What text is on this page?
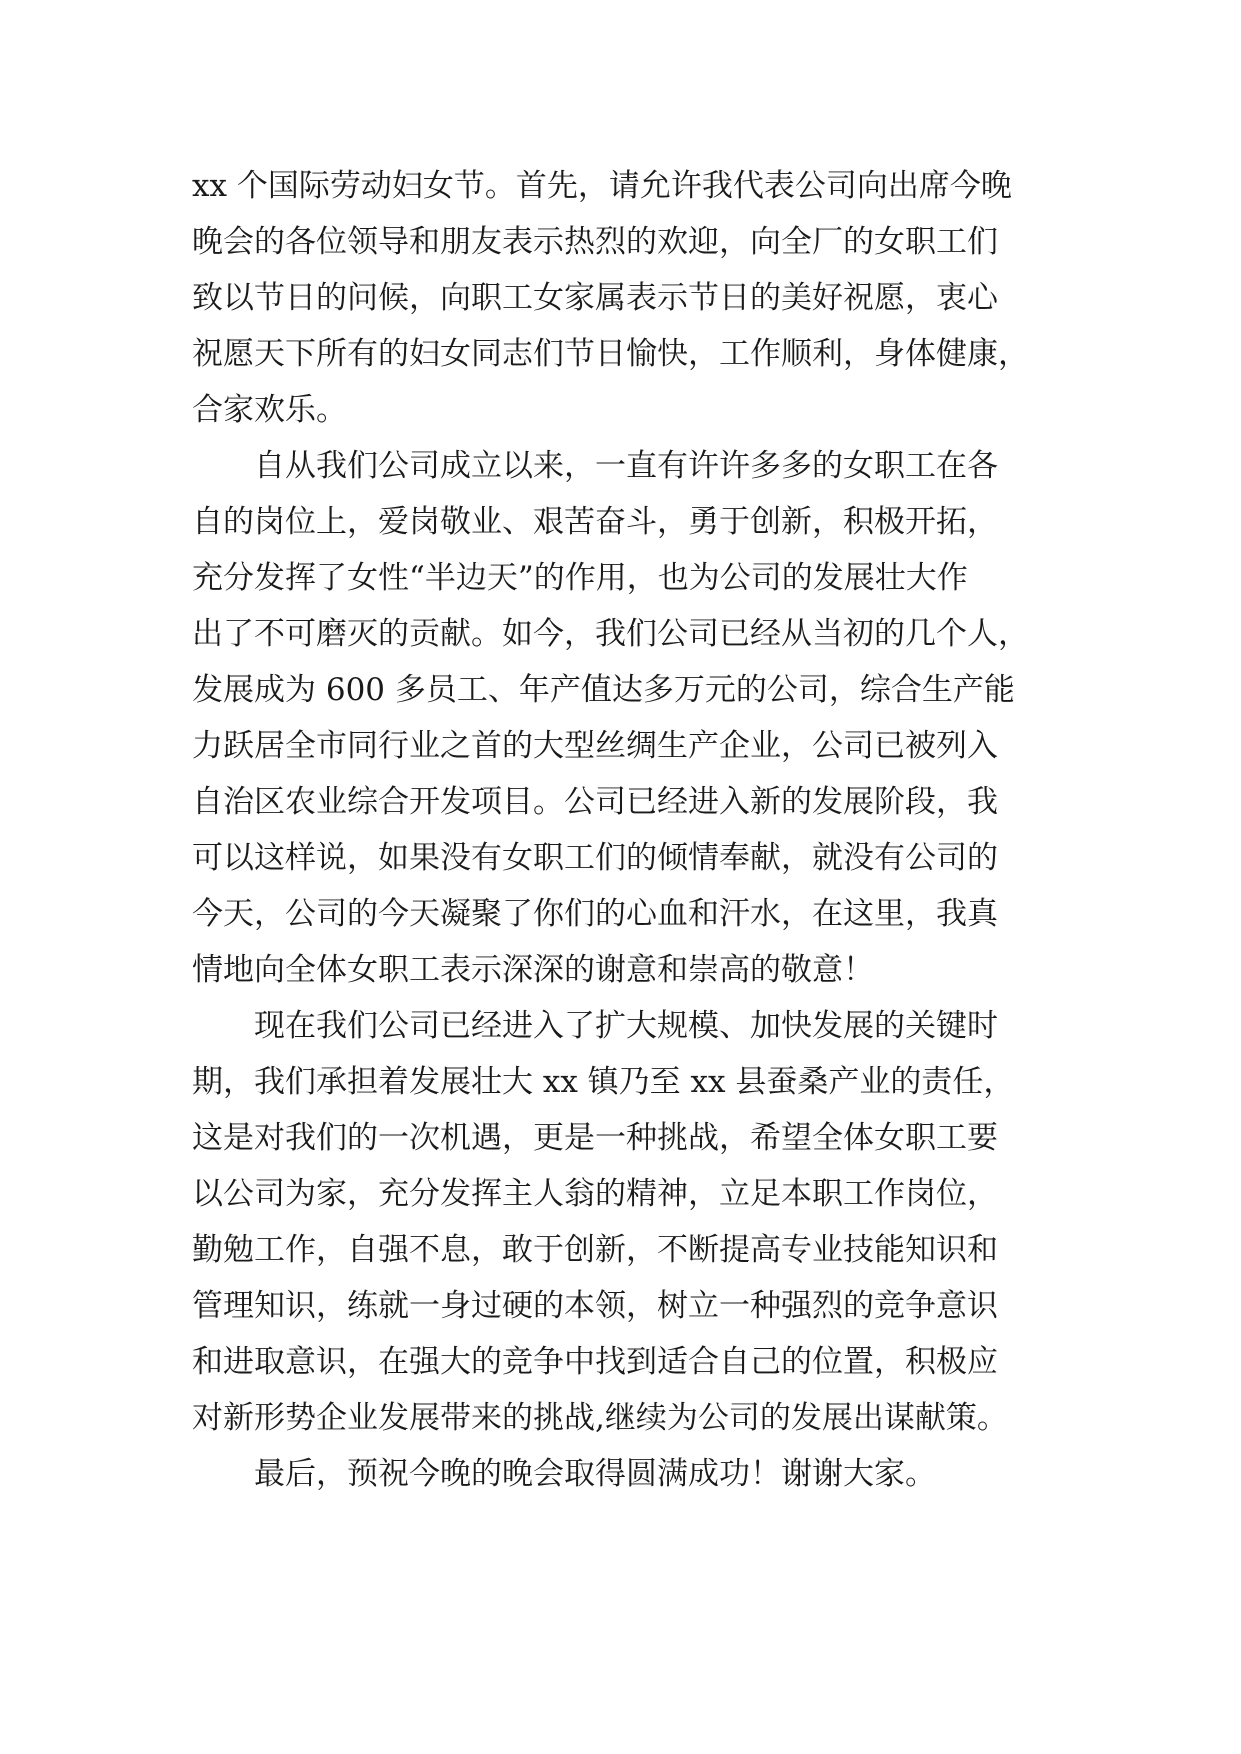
xx 个国际劳动妇女节。首先，请允许我代表公司向出席今晚
晚会的各位领导和朋友表示热烈的欢迎，向全厂的女职工们
致以节日的问候，向职工女家属表示节日的美好祝愿，衷心
祝愿天下所有的妇女同志们节日愉快，工作顺利，身体健康，
合家欢乐。
　　自从我们公司成立以来，一直有许许多多的女职工在各
自的岗位上，爱岗敬业、艰苦奋斗，勇于创新，积极开拓，
充分发挥了女性“半边天”的作用，也为公司的发展壮大作
出了不可磨灭的贡献。如今，我们公司已经从当初的几个人，
发展成为 600 多员工、年产值达多万元的公司，综合生产能
力跃居全市同行业之首的大型丝绸生产企业，公司已被列入
自治区农业综合开发项目。公司已经进入新的发展阶段，我
可以这样说，如果没有女职工们的倾情奉献，就没有公司的
今天，公司的今天凝聚了你们的心血和汗水，在这里，我真
情地向全体女职工表示深深的谢意和崇高的敬意！
　　现在我们公司已经进入了扩大规模、加快发展的关键时
期，我们承担着发展壮大 xx 镇乃至 xx 县蚕桑产业的责任，
这是对我们的一次机遇，更是一种挑战，希望全体女职工要
以公司为家，充分发挥主人翁的精神，立足本职工作岗位，
勤勉工作，自强不息，敢于创新，不断提高专业技能知识和
管理知识，练就一身过硬的本领，树立一种强烈的竞争意识
和进取意识，在强大的竞争中找到适合自己的位置，积极应
对新形势企业发展带来的挑战,继续为公司的发展出谋献策。
　　最后，预祝今晚的晚会取得圆满成功！谢谢大家。
